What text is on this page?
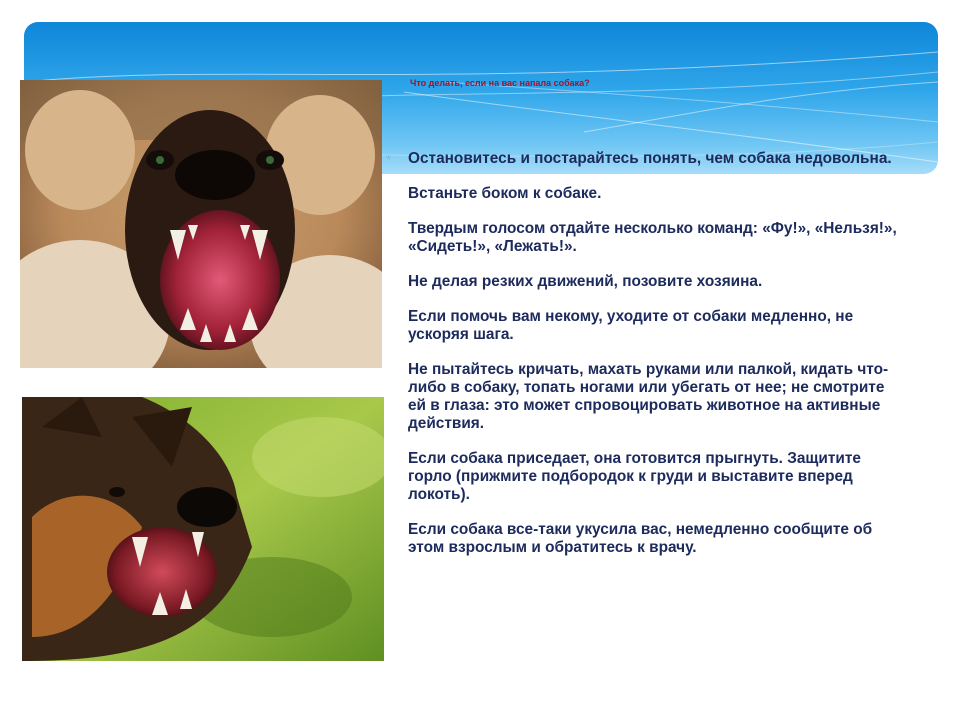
Что делать, если на вас напала собака?
* Остановитесь и постарайтесь понять, чем собака недовольна.
Встаньте боком к собаке.
Твердым голосом отдайте несколько команд: «Фу!», «Нельзя!», «Сидеть!», «Лежать!».
Не делая резких движений, позовите хозяина.
Если помочь вам некому, уходите от собаки медленно, не ускоряя шага.
Не пытайтесь кричать, махать руками или палкой, кидать что-либо в собаку, топать ногами или убегать от нее; не смотрите ей в глаза: это может спровоцировать животное на активные действия.
Если собака приседает, она готовится прыгнуть. Защитите горло (прижмите подбородок к груди и выставите вперед локоть).
Если собака все-таки укусила вас, немедленно сообщите об этом взрослым и обратитесь к врачу.
